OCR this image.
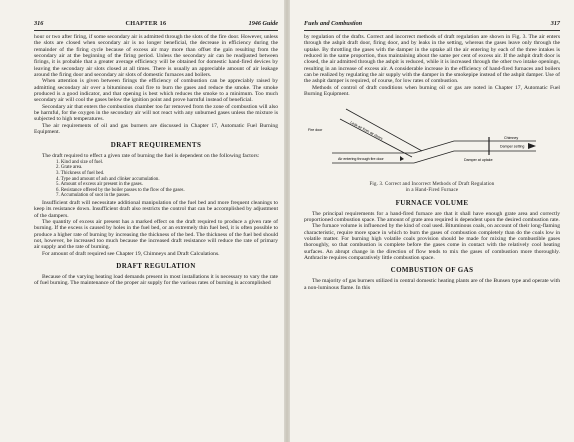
316	CHAPTER 16	1946 Guide

hour or two after firing, if some secondary air is admitted through the slots of the fire door. However, unless the slots are closed when secondary air is no longer beneficial, the decrease in efficiency during the remainder of the firing cycle because of excess air may more than offset the gain resulting from the secondary air at the beginning of the firing period. Unless the secondary air can be readjusted between firings, it is probable that a greater average efficiency will be obtained for domestic hand-fired devices by leaving the secondary air slots closed at all times. There is usually an appreciable amount of air leakage around the firing door and secondary air slots of domestic furnaces and boilers.

When attention is given between firings the efficiency of combustion can be appreciably raised by admitting secondary air over a bituminous coal fire to burn the gases and reduce the smoke. The smoke produced is a good indicator, and that opening is best which reduces the smoke to a minimum. Too much secondary air will cool the gases below the ignition point and prove harmful instead of beneficial.

Secondary air that enters the combustion chamber too far removed from the zone of combustion will also be harmful, for the oxygen in the secondary air will not react with any unburned gases unless the mixture is subjected to high temperatures.

The air requirements of oil and gas burners are discussed in Chapter 17, Automatic Fuel Burning Equipment.

DRAFT REQUIREMENTS

The draft required to effect a given rate of burning the fuel is dependent on the following factors:

1. Kind and size of fuel.
2. Grate area.
3. Thickness of fuel bed.
4. Type and amount of ash and clinker accumulation.
5. Amount of excess air present in the gases.
6. Resistance offered by the boiler passes to the flow of the gases.
7. Accumulation of soot in the passes.

Insufficient draft will necessitate additional manipulation of the fuel bed and more frequent cleanings to keep its resistance down. Insufficient draft also restricts the control that can be accomplished by adjustment of the dampers.

The quantity of excess air present has a marked effect on the draft required to produce a given rate of burning. If the excess is caused by holes in the fuel bed, or an extremely thin fuel bed, it is often possible to produce a higher rate of burning by increasing the thickness of the bed. The thickness of the fuel bed should not, however, be increased too much because the increased draft resistance will reduce the rate of primary air supply and the rate of burning.

For amount of draft required see Chapter 19, Chimneys and Draft Calculations.

DRAFT REGULATION

Because of the varying heating load demands present in most installations it is necessary to vary the rate of fuel burning. The maintenance of the proper air supply for the various rates of burning is accomplished

Fuels and Combustion	317

by regulation of the drafts. Correct and incorrect methods of draft regulation are shown in Fig. 3. The air enters through the ashpit draft door, firing door, and by leaks in the setting, whereas the gases leave only through the uptake. By throttling the gases with the damper in the uptake all the air entering by each of the three intakes is reduced in the same proportion, thus maintaining about the same per cent of excess air. If the ashpit draft door is closed, the air admitted through the ashpit is reduced, while it is increased through the other two intake openings, resulting in an increase of excess air. A considerable increase in the efficiency of hand-fired furnaces and boilers can be realized by regulating the air supply with the damper in the smokepipe instead of the ashpit damper. Use of the ashpit damper is required, of course, for low rates of combustion.

Methods of control of draft conditions when burning oil or gas are noted in Chapter 17, Automatic Fuel Burning Equipment.

Leak-air from air doors
Fire door
Air entering through fire door
Chimney
Damper setting
Damper at uptake
Fig. 3. Correct and Incorrect Methods of Draft Regulation
in a Hand-Fired Furnace
FURNACE VOLUME

The principal requirements for a hand-fired furnace are that it shall have enough grate area and correctly proportioned combustion space. The amount of grate area required is dependent upon the desired combustion rate.

The furnace volume is influenced by the kind of coal used. Bituminous coals, on account of their long-flaming characteristic, require more space in which to burn the gases of combustion completely than do the coals low in volatile matter. For burning high volatile coals provision should be made for mixing the combustible gases thoroughly, so that combustion is complete before the gases come in contact with the relatively cool heating surfaces. An abrupt change in the direction of flow tends to mix the gases of combustion more thoroughly. Anthracite requires comparatively little combustion space.

COMBUSTION OF GAS

The majority of gas burners utilized in central domestic heating plants are of the Bunsen type and operate with a non-luminous flame. In this
